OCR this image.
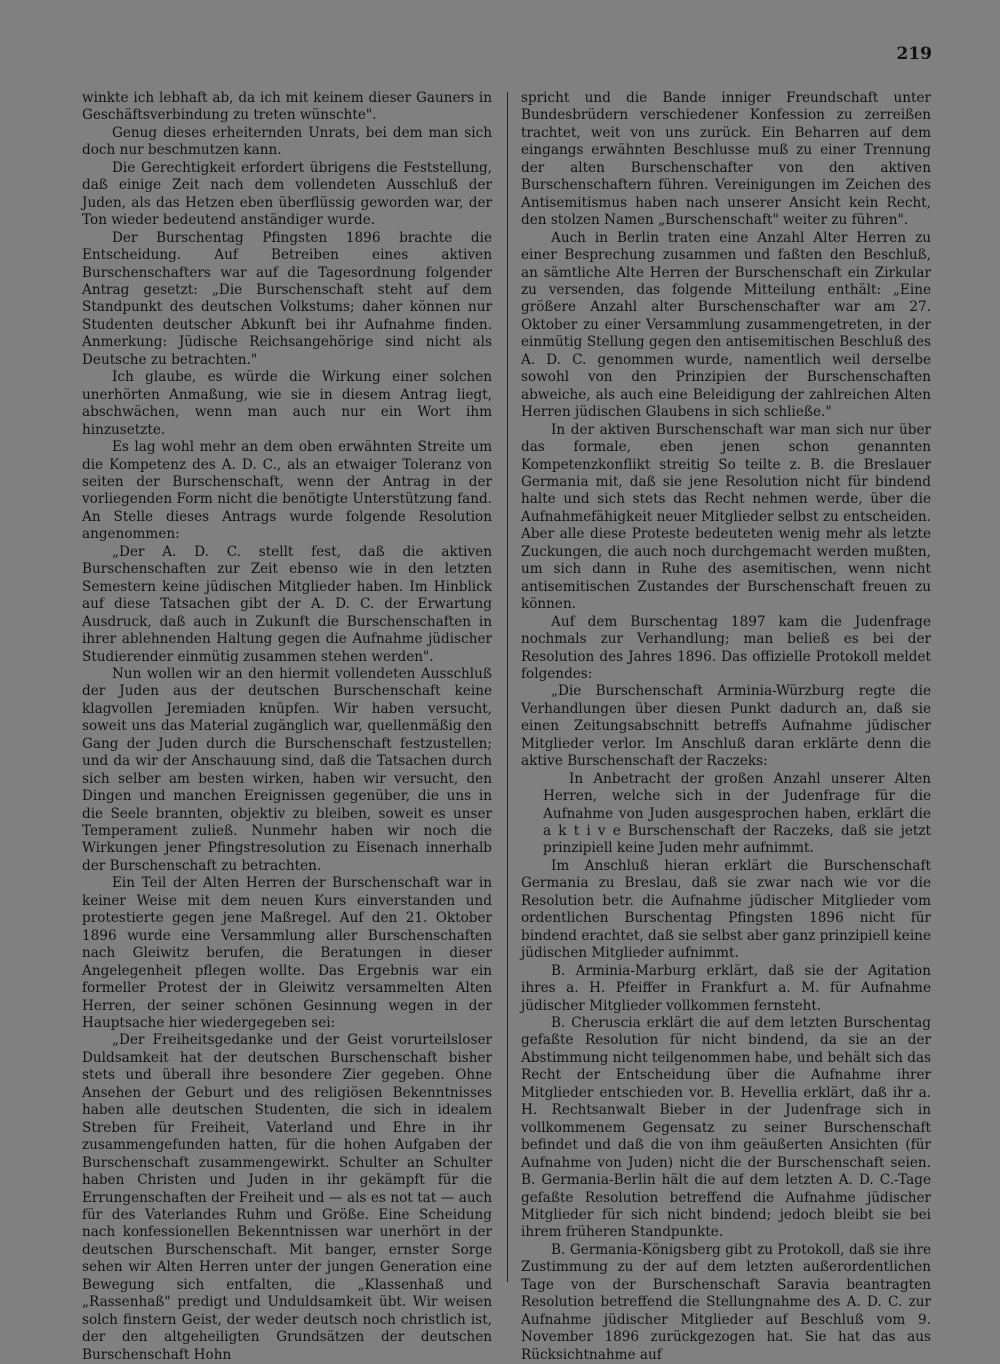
219

winkte ich lebhaft ab, da ich mit keinem dieser Gauners in Geschäftsverbindung zu treten wünschte".

Genug dieses erheiternden Unrats, bei dem man sich doch nur beschmutzen kann.

Die Gerechtigkeit erfordert übrigens die Feststellung, daß einige Zeit nach dem vollendeten Ausschluß der Juden, als das Hetzen eben überflüssig geworden war, der Ton wieder bedeutend anständiger wurde.

Der Burschentag Pfingsten 1896 brachte die Entscheidung. Auf Betreiben eines aktiven Burschenschafters war auf die Tagesordnung folgender Antrag gesetzt: „Die Burschenschaft steht auf dem Standpunkt des deutschen Volkstums; daher können nur Studenten deutscher Abkunft bei ihr Aufnahme finden. Anmerkung: Jüdische Reichsangehörige sind nicht als Deutsche zu betrachten."

Ich glaube, es würde die Wirkung einer solchen unerhörten Anmaßung, wie sie in diesem Antrag liegt, abschwächen, wenn man auch nur ein Wort ihm hinzusetzte.

Es lag wohl mehr an dem oben erwähnten Streite um die Kompetenz des A. D. C., als an etwaiger Toleranz von seiten der Burschenschaft, wenn der Antrag in der vorliegenden Form nicht die benötigte Unterstützung fand. An Stelle dieses Antrags wurde folgende Resolution angenommen:

„Der A. D. C. stellt fest, daß die aktiven Burschenschaften zur Zeit ebenso wie in den letzten Semestern keine jüdischen Mitglieder haben. Im Hinblick auf diese Tatsachen gibt der A. D. C. der Erwartung Ausdruck, daß auch in Zukunft die Burschenschaften in ihrer ablehnenden Haltung gegen die Aufnahme jüdischer Studierender einmütig zusammen stehen werden".

Nun wollen wir an den hiermit vollendeten Ausschluß der Juden aus der deutschen Burschenschaft keine klagvollen Jeremiaden knüpfen. Wir haben versucht, soweit uns das Material zugänglich war, quellenmäßig den Gang der Juden durch die Burschenschaft festzustellen; und da wir der Anschauung sind, daß die Tatsachen durch sich selber am besten wirken, haben wir versucht, den Dingen und manchen Ereignissen gegenüber, die uns in die Seele brannten, objektiv zu bleiben, soweit es unser Temperament zuließ. Nunmehr haben wir noch die Wirkungen jener Pfingstresolution zu Eisenach innerhalb der Burschenschaft zu betrachten.

Ein Teil der Alten Herren der Burschenschaft war in keiner Weise mit dem neuen Kurs einverstanden und protestierte gegen jene Maßregel. Auf den 21. Oktober 1896 wurde eine Versammlung aller Burschenschaften nach Gleiwitz berufen, die Beratungen in dieser Angelegenheit pflegen wollte. Das Ergebnis war ein formeller Protest der in Gleiwitz versammelten Alten Herren, der seiner schönen Gesinnung wegen in der Hauptsache hier wiedergegeben sei:

„Der Freiheitsgedanke und der Geist vorurteilsloser Duldsamkeit hat der deutschen Burschenschaft bisher stets und überall ihre besondere Zier gegeben. Ohne Ansehen der Geburt und des religiösen Bekenntnisses haben alle deutschen Studenten, die sich in idealem Streben für Freiheit, Vaterland und Ehre in ihr zusammengefunden hatten, für die hohen Aufgaben der Burschenschaft zusammengewirkt. Schulter an Schulter haben Christen und Juden in ihr gekämpft für die Errungenschaften der Freiheit und — als es not tat — auch für des Vaterlandes Ruhm und Größe. Eine Scheidung nach konfessionellen Bekenntnissen war unerhört in der deutschen Burschenschaft. Mit banger, ernster Sorge sehen wir Alten Herren unter der jungen Generation eine Bewegung sich entfalten, die „Klassenhaß und „Rassenhaß" predigt und Unduldsamkeit übt. Wir weisen solch finstern Geist, der weder deutsch noch christlich ist, der den altgeheiligten Grundsätzen der deutschen Burschenschaft Hohn

spricht und die Bande inniger Freundschaft unter Bundesbrüdern verschiedener Konfession zu zerreißen trachtet, weit von uns zurück. Ein Beharren auf dem eingangs erwähnten Beschlusse muß zu einer Trennung der alten Burschenschafter von den aktiven Burschenschaftern führen. Vereinigungen im Zeichen des Antisemitismus haben nach unserer Ansicht kein Recht, den stolzen Namen „Burschenschaft" weiter zu führen".

Auch in Berlin traten eine Anzahl Alter Herren zu einer Besprechung zusammen und faßten den Beschluß, an sämtliche Alte Herren der Burschenschaft ein Zirkular zu versenden, das folgende Mitteilung enthält: „Eine größere Anzahl alter Burschenschafter war am 27. Oktober zu einer Versammlung zusammengetreten, in der einmütig Stellung gegen den antisemitischen Beschluß des A. D. C. genommen wurde, namentlich weil derselbe sowohl von den Prinzipien der Burschenschaften abweiche, als auch eine Beleidigung der zahlreichen Alten Herren jüdischen Glaubens in sich schließe."

In der aktiven Burschenschaft war man sich nur über das formale, eben jenen schon genannten Kompetenzkonflikt streitig So teilte z. B. die Breslauer Germania mit, daß sie jene Resolution nicht für bindend halte und sich stets das Recht nehmen werde, über die Aufnahmefähigkeit neuer Mitglieder selbst zu entscheiden. Aber alle diese Proteste bedeuteten wenig mehr als letzte Zuckungen, die auch noch durchgemacht werden mußten, um sich dann in Ruhe des asemitischen, wenn nicht antisemitischen Zustandes der Burschenschaft freuen zu können.

Auf dem Burschentag 1897 kam die Judenfrage nochmals zur Verhandlung; man beließ es bei der Resolution des Jahres 1896. Das offizielle Protokoll meldet folgendes:

„Die Burschenschaft Arminia-Würzburg regte die Verhandlungen über diesen Punkt dadurch an, daß sie einen Zeitungsabschnitt betreffs Aufnahme jüdischer Mitglieder verlor. Im Anschluß daran erklärte denn die aktive Burschenschaft der Raczeks:

In Anbetracht der großen Anzahl unserer Alten Herren, welche sich in der Judenfrage für die Aufnahme von Juden ausgesprochen haben, erklärt die a k t i v e Burschenschaft der Raczeks, daß sie jetzt prinzipiell keine Juden mehr aufnimmt.

Im Anschluß hieran erklärt die Burschenschaft Germania zu Breslau, daß sie zwar nach wie vor die Resolution betr. die Aufnahme jüdischer Mitglieder vom ordentlichen Burschentag Pfingsten 1896 nicht für bindend erachtet, daß sie selbst aber ganz prinzipiell keine jüdischen Mitglieder aufnimmt.

B. Arminia-Marburg erklärt, daß sie der Agitation ihres a. H. Pfeiffer in Frankfurt a. M. für Aufnahme jüdischer Mitglieder vollkommen fernsteht.

B. Cheruscia erklärt die auf dem letzten Burschentag gefaßte Resolution für nicht bindend, da sie an der Abstimmung nicht teilgenommen habe, und behält sich das Recht der Entscheidung über die Aufnahme ihrer Mitglieder entschieden vor. B. Hevellia erklärt, daß ihr a. H. Rechtsanwalt Bieber in der Judenfrage sich in vollkommenem Gegensatz zu seiner Burschenschaft befindet und daß die von ihm geäußerten Ansichten (für Aufnahme von Juden) nicht die der Burschenschaft seien. B. Germania-Berlin hält die auf dem letzten A. D. C.-Tage gefaßte Resolution betreffend die Aufnahme jüdischer Mitglieder für sich nicht bindend; jedoch bleibt sie bei ihrem früheren Standpunkte.

B. Germania-Königsberg gibt zu Protokoll, daß sie ihre Zustimmung zu der auf dem letzten außerordentlichen Tage von der Burschenschaft Saravia beantragten Resolution betreffend die Stellungnahme des A. D. C. zur Aufnahme jüdischer Mitglieder auf Beschluß vom 9. November 1896 zurückgezogen hat. Sie hat das aus Rücksichtnahme auf
